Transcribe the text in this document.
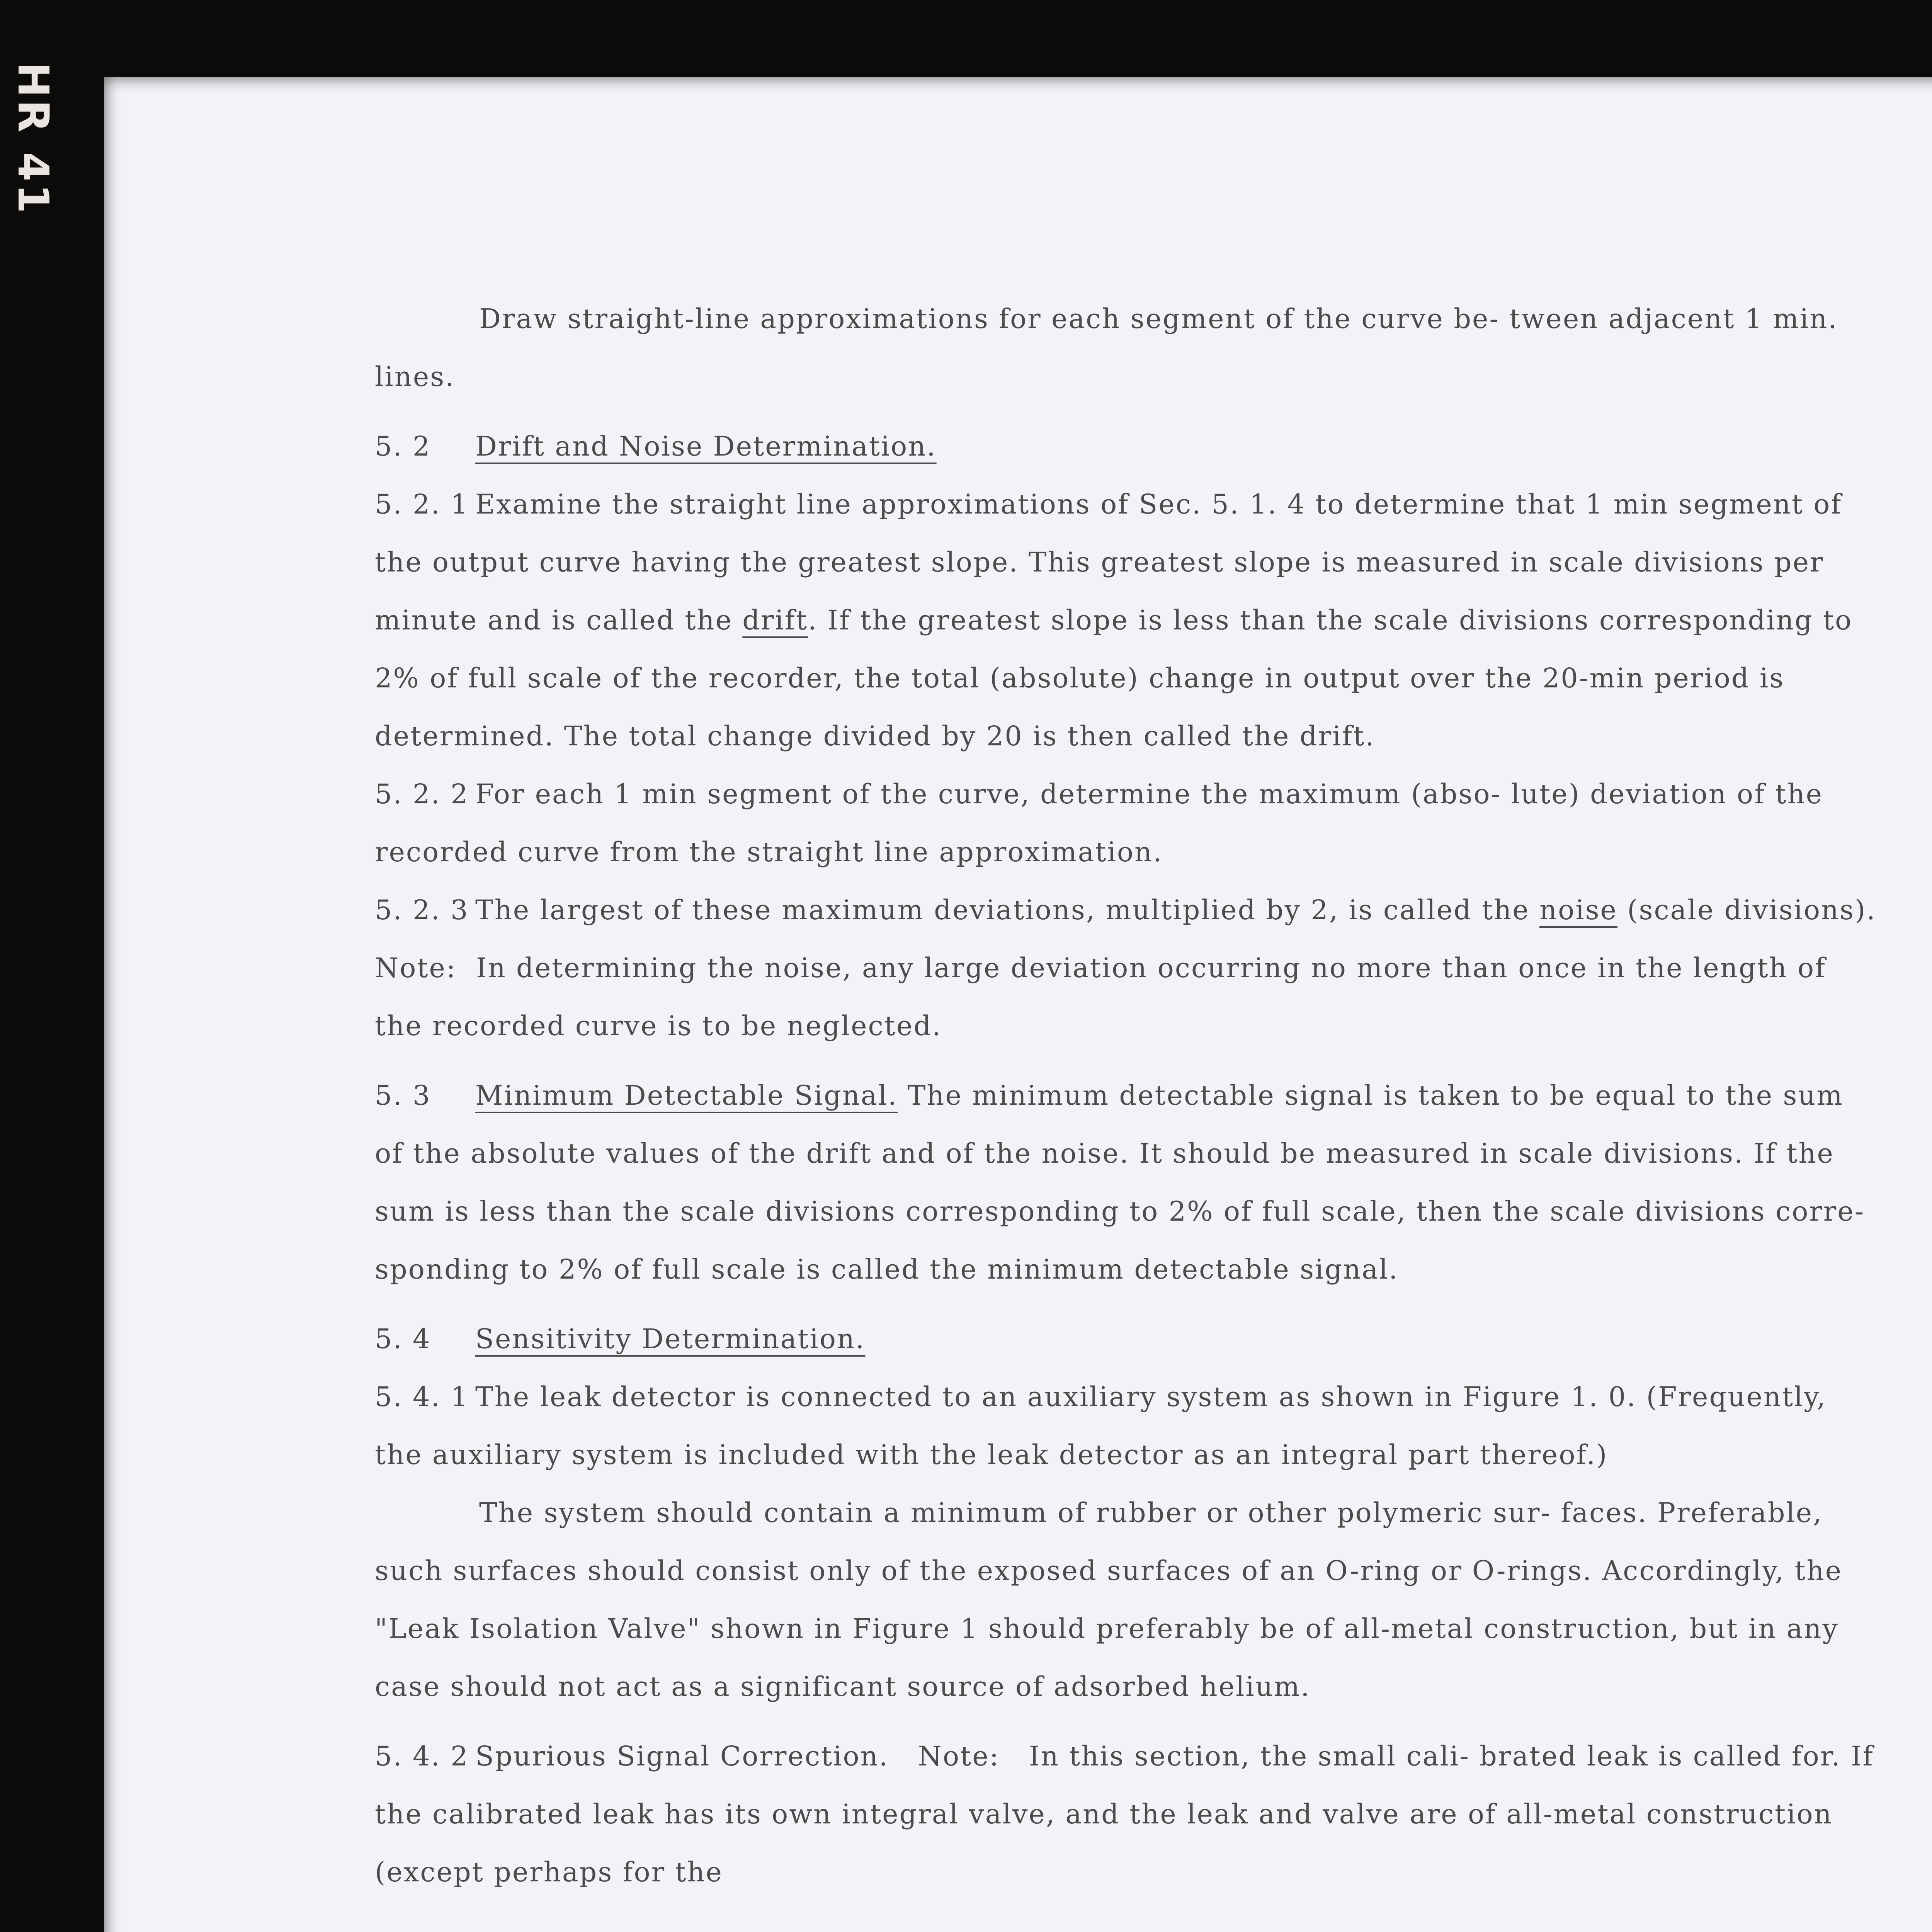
HR 41

Draw straight-line approximations for each segment of the curve be- tween adjacent 1 min. lines.

5. 2 Drift and Noise Determination.

5. 2. 1 Examine the straight line approximations of Sec. 5. 1. 4 to determine that 1 min segment of the output curve having the greatest slope. This greatest slope is measured in scale divisions per minute and is called the drift. If the greatest slope is less than the scale divisions corresponding to 2% of full scale of the recorder, the total (absolute) change in output over the 20-min period is determined. The total change divided by 20 is then called the drift.

5. 2. 2 For each 1 min segment of the curve, determine the maximum (abso- lute) deviation of the recorded curve from the straight line approximation.

5. 2. 3 The largest of these maximum deviations, multiplied by 2, is called the noise (scale divisions).

Note: In determining the noise, any large deviation occurring no more than once in the length of the recorded curve is to be neglected.

5. 3 Minimum Detectable Signal. The minimum detectable signal is taken to be equal to the sum of the absolute values of the drift and of the noise. It should be measured in scale divisions. If the sum is less than the scale divisions corresponding to 2% of full scale, then the scale divisions corre- sponding to 2% of full scale is called the minimum detectable signal.

5. 4 Sensitivity Determination.

5. 4. 1 The leak detector is connected to an auxiliary system as shown in Figure 1. 0. (Frequently, the auxiliary system is included with the leak detector as an integral part thereof.)

The system should contain a minimum of rubber or other polymeric sur- faces. Preferable, such surfaces should consist only of the exposed surfaces of an O-ring or O-rings. Accordingly, the "Leak Isolation Valve" shown in Figure 1 should preferably be of all-metal construction, but in any case should not act as a significant source of adsorbed helium.

5. 4. 2 Spurious Signal Correction. Note: In this section, the small cali- brated leak is called for. If the calibrated leak has its own integral valve, and the leak and valve are of all-metal construction (except perhaps for the
